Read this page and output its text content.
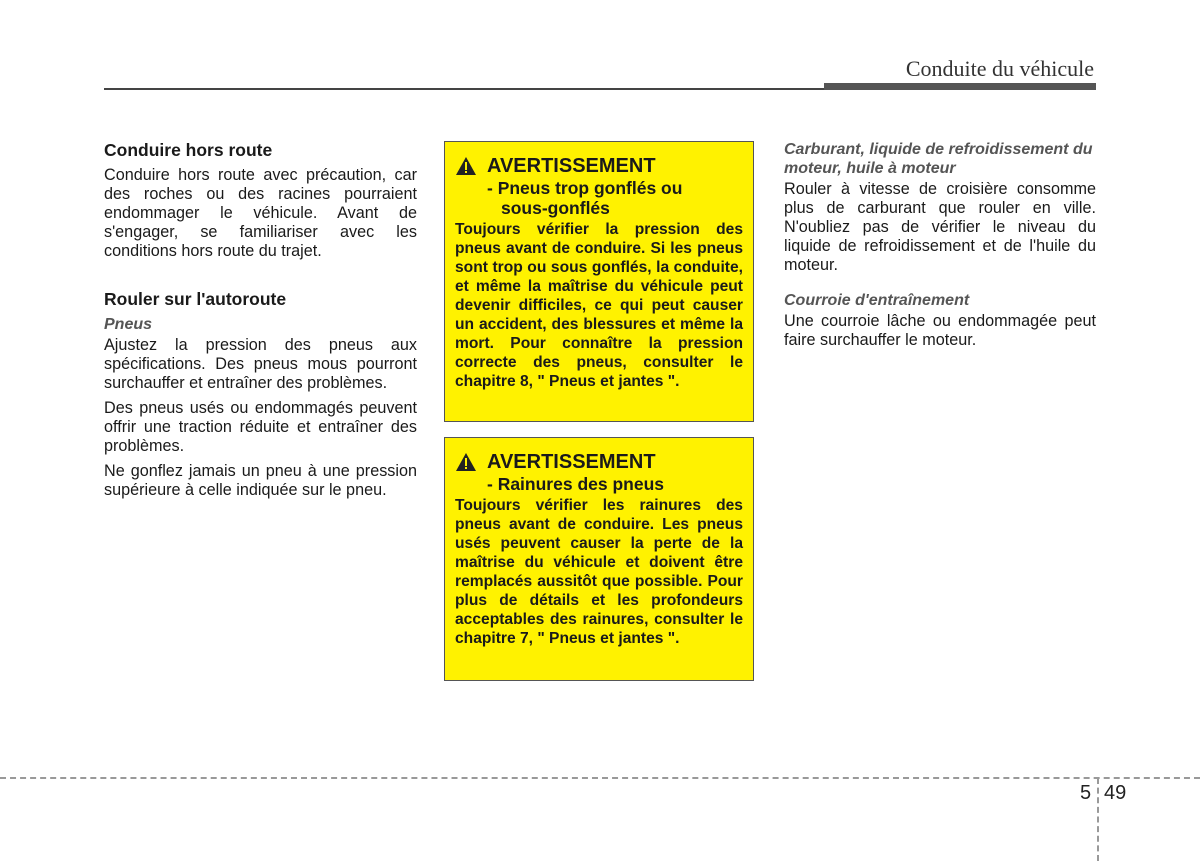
Conduite du véhicule
Conduire hors route

Conduire hors route avec précaution, car des roches ou des racines pourraient endommager le véhicule. Avant de s'engager, se familiariser avec les conditions hors route du trajet.

Rouler sur l'autoroute
Pneus

Ajustez la pression des pneus aux spécifications. Des pneus mous pourront surchauffer et entraîner des problèmes.

Des pneus usés ou endommagés peuvent offrir une traction réduite et entraîner des problèmes.

Ne gonflez jamais un pneu à une pression supérieure à celle indiquée sur le pneu.

AVERTISSEMENT
- Pneus trop gonflés ou
sous-gonflés
Toujours vérifier la pression des pneus avant de conduire. Si les pneus sont trop ou sous gonflés, la conduite, et même la maîtrise du véhicule peut devenir difficiles, ce qui peut causer un accident, des blessures et même la mort. Pour connaître la pression correcte des pneus, consulter le chapitre 8, " Pneus et jantes ".
AVERTISSEMENT
- Rainures des pneus
Toujours vérifier les rainures des pneus avant de conduire. Les pneus usés peuvent causer la perte de la maîtrise du véhicule et doivent être remplacés aussitôt que possible. Pour plus de détails et les profondeurs acceptables des rainures, consulter le chapitre 7, " Pneus et jantes ".
Carburant, liquide de refroidissement du moteur, huile à moteur

Rouler à vitesse de croisière consomme plus de carburant que rouler en ville. N'oubliez pas de vérifier le niveau du liquide de refroidissement et de l'huile du moteur.

Courroie d'entraînement

Une courroie lâche ou endommagée peut faire surchauffer le moteur.

5 49
